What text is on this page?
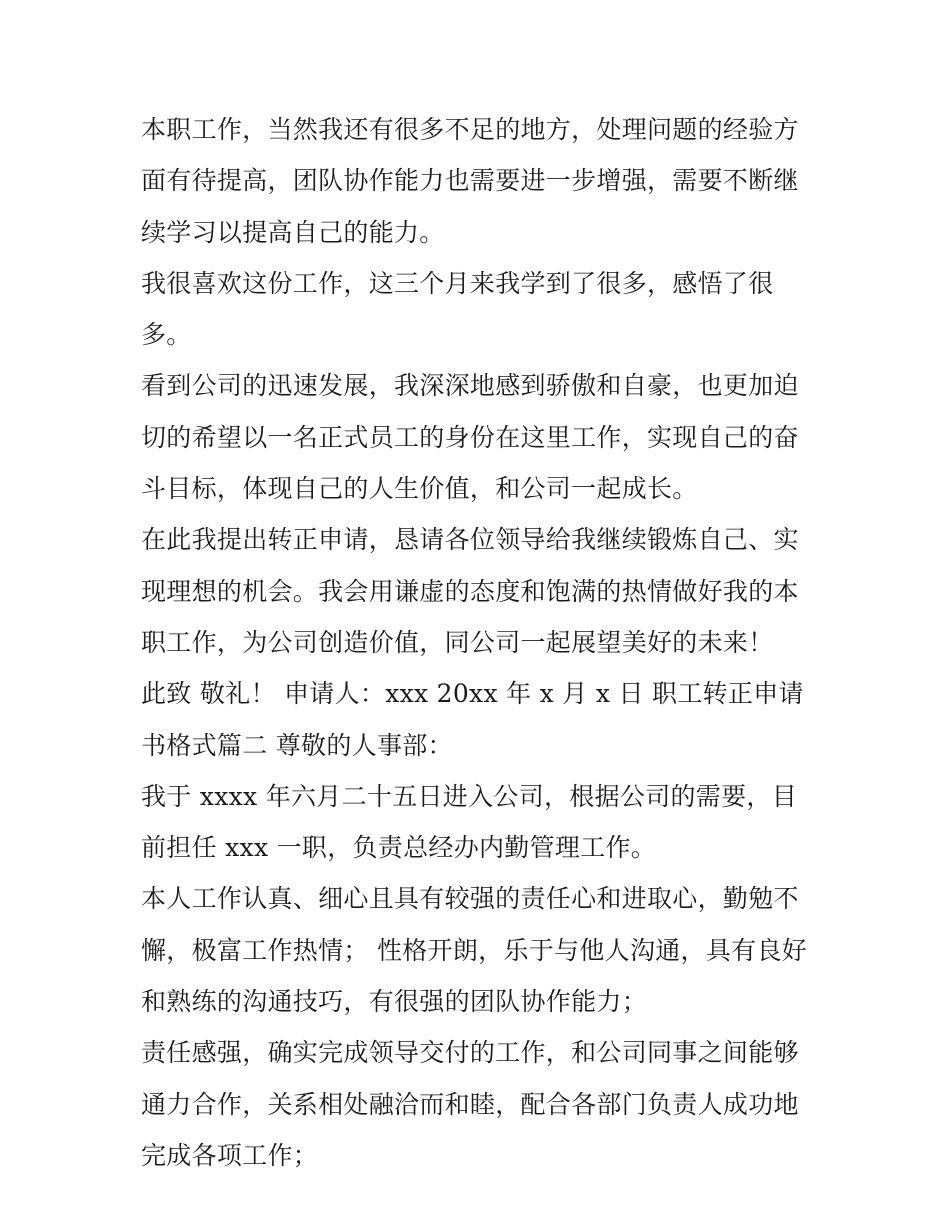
本职工作，当然我还有很多不足的地方，处理问题的经验方面有待提高，团队协作能力也需要进一步增强，需要不断继续学习以提高自己的能力。

我很喜欢这份工作，这三个月来我学到了很多，感悟了很多。

看到公司的迅速发展，我深深地感到骄傲和自豪，也更加迫切的希望以一名正式员工的身份在这里工作，实现自己的奋斗目标，体现自己的人生价值，和公司一起成长。

在此我提出转正申请，恳请各位领导给我继续锻炼自己、实现理想的机会。我会用谦虚的态度和饱满的热情做好我的本职工作，为公司创造价值，同公司一起展望美好的未来！

此致 敬礼！ 申请人：xxx 20xx 年 x 月 x 日 职工转正申请书格式篇二 尊敬的人事部：

我于 xxxx 年六月二十五日进入公司，根据公司的需要，目前担任 xxx 一职，负责总经办内勤管理工作。

本人工作认真、细心且具有较强的责任心和进取心，勤勉不懈，极富工作热情； 性格开朗，乐于与他人沟通，具有良好和熟练的沟通技巧，有很强的团队协作能力；

责任感强，确实完成领导交付的工作，和公司同事之间能够通力合作，关系相处融洽而和睦，配合各部门负责人成功地完成各项工作；
